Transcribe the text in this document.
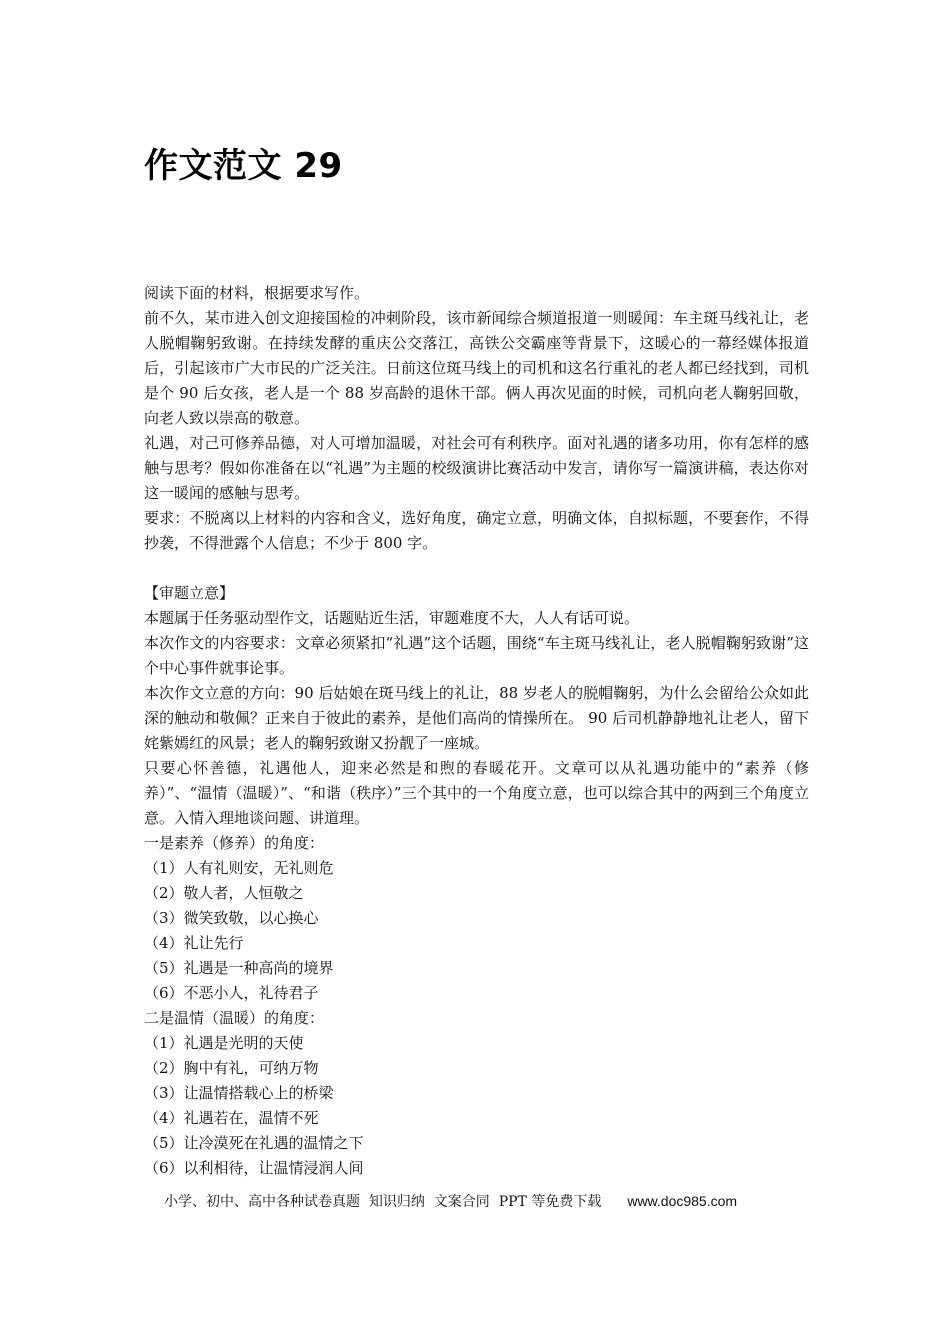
作文范文 29

阅读下面的材料，根据要求写作。

前不久，某市进入创文迎接国检的冲刺阶段，该市新闻综合频道报道一则暖闻：车主斑马线礼让，老人脱帽鞠躬致谢。在持续发酵的重庆公交落江，高铁公交霸座等背景下，这暖心的一幕经媒体报道后，引起该市广大市民的广泛关注。日前这位斑马线上的司机和这名行重礼的老人都已经找到，司机是个 90 后女孩，老人是一个 88 岁高龄的退休干部。俩人再次见面的时候，司机向老人鞠躬回敬，向老人致以崇高的敬意。

礼遇，对己可修养品德，对人可增加温暖，对社会可有利秩序。面对礼遇的诸多功用，你有怎样的感触与思考？假如你准备在以“礼遇”为主题的校级演讲比赛活动中发言，请你写一篇演讲稿，表达你对这一暖闻的感触与思考。

要求：不脱离以上材料的内容和含义，选好角度，确定立意，明确文体，自拟标题，不要套作，不得抄袭，不得泄露个人信息；不少于 800 字。

【审题立意】

本题属于任务驱动型作文，话题贴近生活，审题难度不大，人人有话可说。

本次作文的内容要求：文章必须紧扣“礼遇”这个话题，围绕“车主斑马线礼让，老人脱帽鞠躬致谢”这个中心事件就事论事。

本次作文立意的方向：90 后姑娘在斑马线上的礼让，88 岁老人的脱帽鞠躬，为什么会留给公众如此深的触动和敬佩？正来自于彼此的素养，是他们高尚的情操所在。 90 后司机静静地礼让老人，留下姹紫嫣红的风景；老人的鞠躬致谢又扮靓了一座城。

只要心怀善德，礼遇他人，迎来必然是和煦的春暖花开。文章可以从礼遇功能中的“素养（修养）”、“温情（温暖）”、“和谐（秩序）”三个其中的一个角度立意，也可以综合其中的两到三个角度立意。入情入理地谈问题、讲道理。

一是素养（修养）的角度：

（1）人有礼则安，无礼则危

（2）敬人者，人恒敬之

（3）微笑致敬，以心换心

（4）礼让先行

（5）礼遇是一种高尚的境界

（6）不恶小人，礼待君子

二是温情（温暖）的角度：

（1）礼遇是光明的天使

（2）胸中有礼，可纳万物

（3）让温情搭载心上的桥梁

（4）礼遇若在，温情不死

（5）让冷漠死在礼遇的温情之下

（6）以利相待，让温情浸润人间

小学、初中、高中各种试卷真题  知识归纳  文案合同  PPT 等免费下载 www.doc985.com
